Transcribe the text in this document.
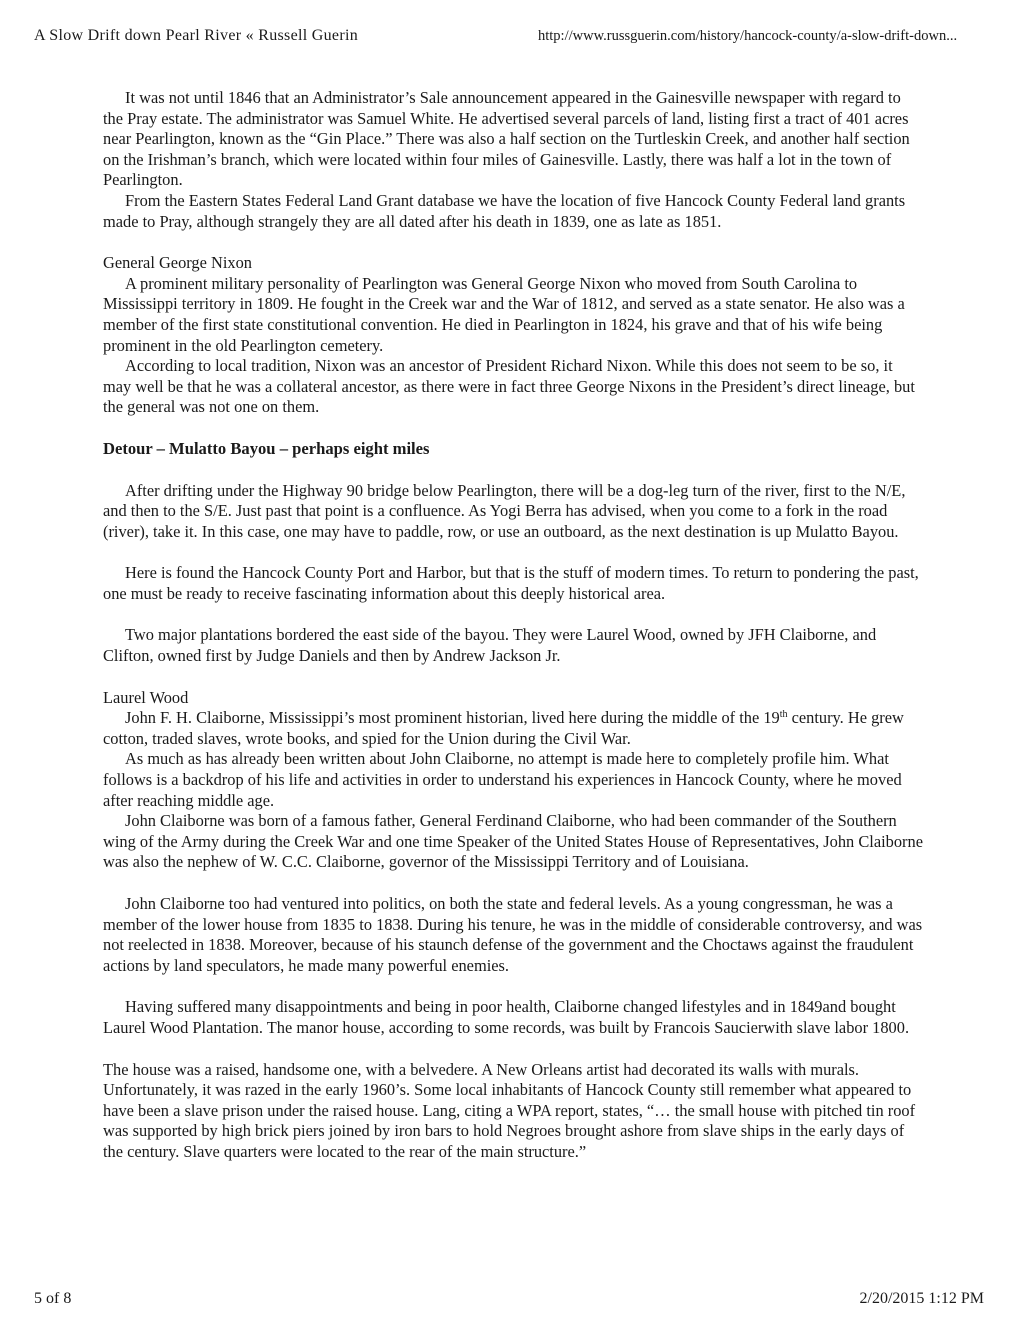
A Slow Drift down Pearl River « Russell Guerin	http://www.russguerin.com/history/hancock-county/a-slow-drift-down...

It was not until 1846 that an Administrator’s Sale announcement appeared in the Gainesville newspaper with regard to the Pray estate. The administrator was Samuel White. He advertised several parcels of land, listing first a tract of 401 acres near Pearlington, known as the “Gin Place.” There was also a half section on the Turtleskin Creek, and another half section on the Irishman’s branch, which were located within four miles of Gainesville. Lastly, there was half a lot in the town of Pearlington.

From the Eastern States Federal Land Grant database we have the location of five Hancock County Federal land grants made to Pray, although strangely they are all dated after his death in 1839, one as late as 1851.

General George Nixon

A prominent military personality of Pearlington was General George Nixon who moved from South Carolina to Mississippi territory in 1809. He fought in the Creek war and the War of 1812, and served as a state senator. He also was a member of the first state constitutional convention. He died in Pearlington in 1824, his grave and that of his wife being prominent in the old Pearlington cemetery.

According to local tradition, Nixon was an ancestor of President Richard Nixon. While this does not seem to be so, it may well be that he was a collateral ancestor, as there were in fact three George Nixons in the President’s direct lineage, but the general was not one on them.

Detour – Mulatto Bayou – perhaps eight miles

After drifting under the Highway 90 bridge below Pearlington, there will be a dog-leg turn of the river, first to the N/E, and then to the S/E. Just past that point is a confluence. As Yogi Berra has advised, when you come to a fork in the road (river), take it. In this case, one may have to paddle, row, or use an outboard, as the next destination is up Mulatto Bayou.

Here is found the Hancock County Port and Harbor, but that is the stuff of modern times. To return to pondering the past, one must be ready to receive fascinating information about this deeply historical area.

Two major plantations bordered the east side of the bayou. They were Laurel Wood, owned by JFH Claiborne, and Clifton, owned first by Judge Daniels and then by Andrew Jackson Jr.

Laurel Wood

John F. H. Claiborne, Mississippi’s most prominent historian, lived here during the middle of the 19th century. He grew cotton, traded slaves, wrote books, and spied for the Union during the Civil War.

As much as has already been written about John Claiborne, no attempt is made here to completely profile him. What follows is a backdrop of his life and activities in order to understand his experiences in Hancock County, where he moved after reaching middle age.

John Claiborne was born of a famous father, General Ferdinand Claiborne, who had been commander of the Southern wing of the Army during the Creek War and one time Speaker of the United States House of Representatives, John Claiborne was also the nephew of W. C.C. Claiborne, governor of the Mississippi Territory and of Louisiana.

John Claiborne too had ventured into politics, on both the state and federal levels. As a young congressman, he was a member of the lower house from 1835 to 1838. During his tenure, he was in the middle of considerable controversy, and was not reelected in 1838. Moreover, because of his staunch defense of the government and the Choctaws against the fraudulent actions by land speculators, he made many powerful enemies.

Having suffered many disappointments and being in poor health, Claiborne changed lifestyles and in 1849and bought Laurel Wood Plantation. The manor house, according to some records, was built by Francois Saucierwith slave labor 1800.

The house was a raised, handsome one, with a belvedere. A New Orleans artist had decorated its walls with murals. Unfortunately, it was razed in the early 1960’s. Some local inhabitants of Hancock County still remember what appeared to have been a slave prison under the raised house. Lang, citing a WPA report, states, “… the small house with pitched tin roof was supported by high brick piers joined by iron bars to hold Negroes brought ashore from slave ships in the early days of the century. Slave quarters were located to the rear of the main structure.”

5 of 8	2/20/2015 1:12 PM
